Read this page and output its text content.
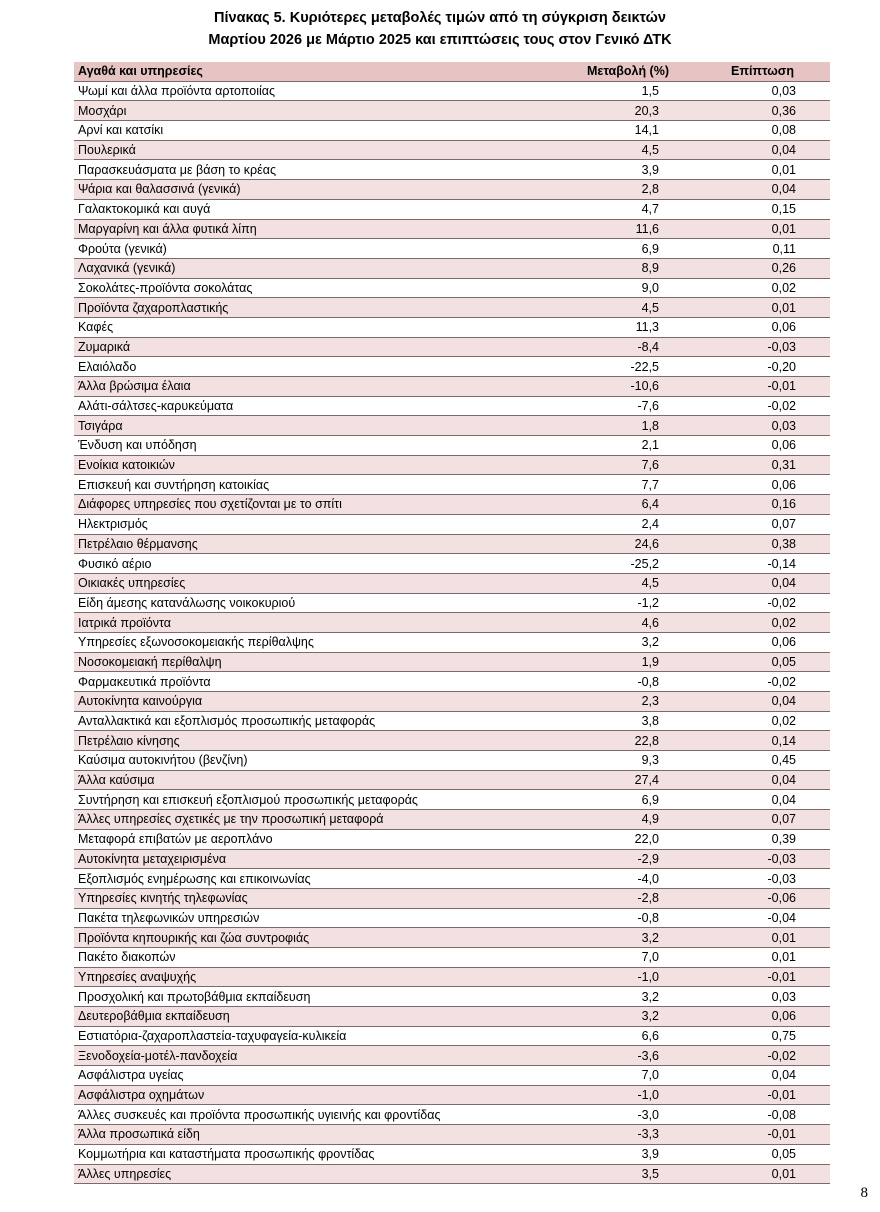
Πίνακας 5. Κυριότερες μεταβολές τιμών από τη σύγκριση δεικτών
Μαρτίου 2026 με Μάρτιο 2025 και επιπτώσεις τους στον Γενικό ΔΤΚ
Αγαθά και υπηρεσίες	Μεταβολή (%)	Επίπτωση
Ψωμί και άλλα προϊόντα αρτοποιίας	1,5	0,03
Μοσχάρι	20,3	0,36
Αρνί και κατσίκι	14,1	0,08
Πουλερικά	4,5	0,04
Παρασκευάσματα με βάση το κρέας	3,9	0,01
Ψάρια και θαλασσινά (γενικά)	2,8	0,04
Γαλακτοκομικά και αυγά	4,7	0,15
Μαργαρίνη και άλλα φυτικά λίπη	11,6	0,01
Φρούτα (γενικά)	6,9	0,11
Λαχανικά (γενικά)	8,9	0,26
Σοκολάτες-προϊόντα σοκολάτας	9,0	0,02
Προϊόντα ζαχαροπλαστικής	4,5	0,01
Καφές	11,3	0,06
Ζυμαρικά	-8,4	-0,03
Ελαιόλαδο	-22,5	-0,20
Άλλα βρώσιμα έλαια	-10,6	-0,01
Αλάτι-σάλτσες-καρυκεύματα	-7,6	-0,02
Τσιγάρα	1,8	0,03
Ένδυση και υπόδηση	2,1	0,06
Ενοίκια κατοικιών	7,6	0,31
Επισκευή και συντήρηση κατοικίας	7,7	0,06
Διάφορες υπηρεσίες που σχετίζονται με το σπίτι	6,4	0,16
Ηλεκτρισμός	2,4	0,07
Πετρέλαιο θέρμανσης	24,6	0,38
Φυσικό αέριο	-25,2	-0,14
Οικιακές υπηρεσίες	4,5	0,04
Είδη άμεσης κατανάλωσης νοικοκυριού	-1,2	-0,02
Ιατρικά προϊόντα	4,6	0,02
Υπηρεσίες εξωνοσοκομειακής περίθαλψης	3,2	0,06
Νοσοκομειακή περίθαλψη	1,9	0,05
Φαρμακευτικά προϊόντα	-0,8	-0,02
Αυτοκίνητα καινούργια	2,3	0,04
Ανταλλακτικά και εξοπλισμός προσωπικής μεταφοράς	3,8	0,02
Πετρέλαιο κίνησης	22,8	0,14
Καύσιμα αυτοκινήτου (βενζίνη)	9,3	0,45
Άλλα καύσιμα	27,4	0,04
Συντήρηση και επισκευή εξοπλισμού προσωπικής μεταφοράς	6,9	0,04
Άλλες υπηρεσίες σχετικές με την προσωπική μεταφορά	4,9	0,07
Μεταφορά επιβατών με αεροπλάνο	22,0	0,39
Αυτοκίνητα μεταχειρισμένα	-2,9	-0,03
Εξοπλισμός ενημέρωσης και επικοινωνίας	-4,0	-0,03
Υπηρεσίες κινητής τηλεφωνίας	-2,8	-0,06
Πακέτα τηλεφωνικών υπηρεσιών	-0,8	-0,04
Προϊόντα κηπουρικής και ζώα συντροφιάς	3,2	0,01
Πακέτο διακοπών	7,0	0,01
Υπηρεσίες αναψυχής	-1,0	-0,01
Προσχολική και πρωτοβάθμια εκπαίδευση	3,2	0,03
Δευτεροβάθμια εκπαίδευση	3,2	0,06
Εστιατόρια-ζαχαροπλαστεία-ταχυφαγεία-κυλικεία	6,6	0,75
Ξενοδοχεία-μοτέλ-πανδοχεία	-3,6	-0,02
Ασφάλιστρα υγείας	7,0	0,04
Ασφάλιστρα οχημάτων	-1,0	-0,01
Άλλες συσκευές και προϊόντα προσωπικής υγιεινής και φροντίδας	-3,0	-0,08
Άλλα προσωπικά είδη	-3,3	-0,01
Κομμωτήρια και καταστήματα προσωπικής φροντίδας	3,9	0,05
Άλλες υπηρεσίες	3,5	0,01
8
